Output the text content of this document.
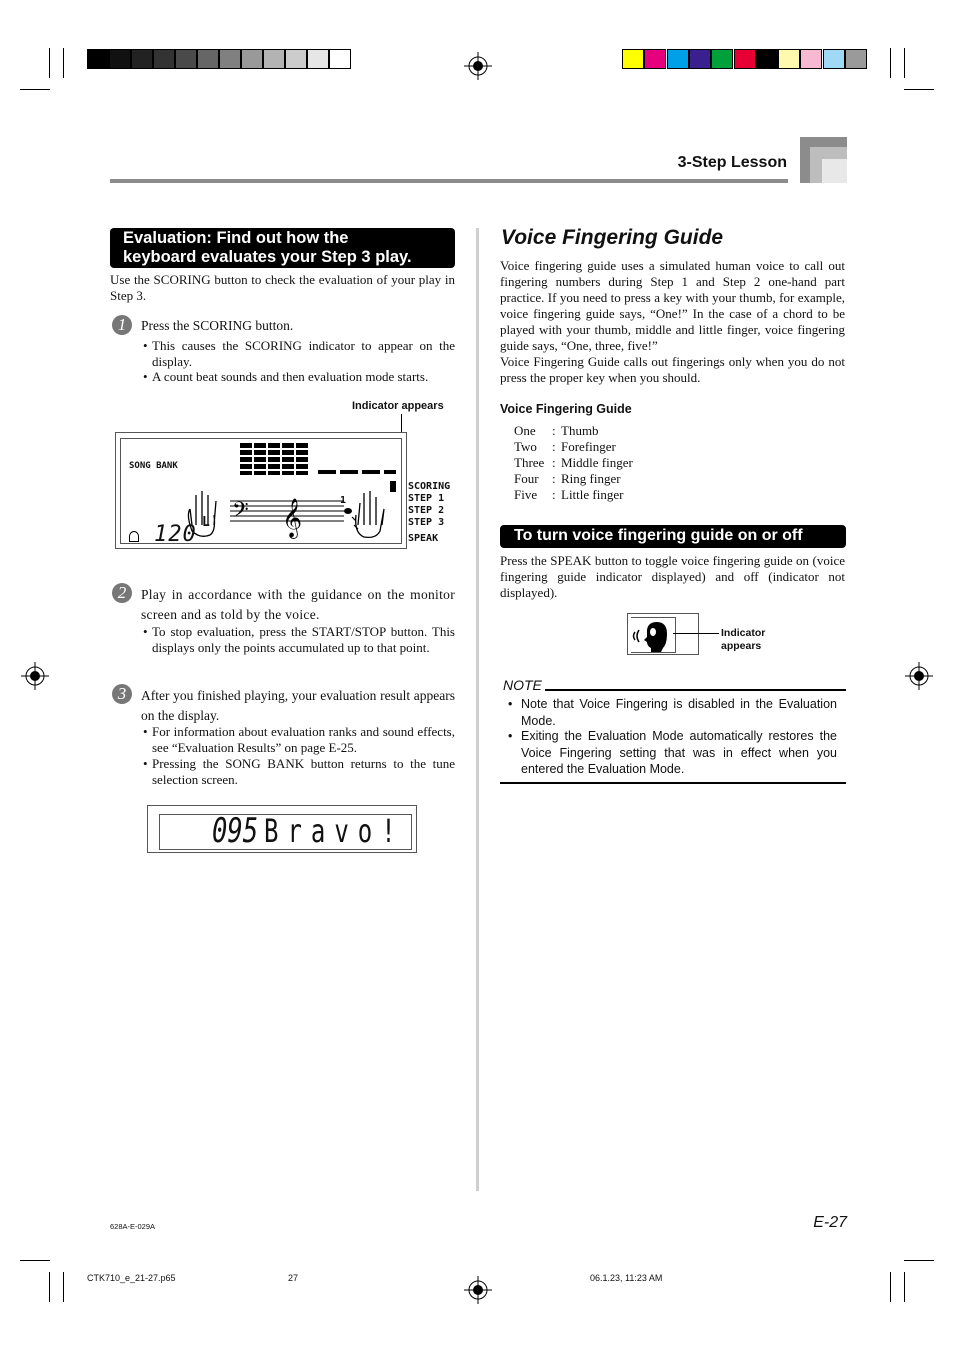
3-Step Lesson
Evaluation: Find out how the
keyboard evaluates your Step 3 play.
Use the SCORING button to check the evaluation of your play in Step 3.
1	Press the SCORING button.
• This causes the SCORING indicator to appear on the display.
• A count beat sounds and then evaluation mode starts.
Indicator appears
SONG BANK
𝄢 𝄞
L
1
120
SCORING
STEP 1
STEP 2
STEP 3
SPEAK
2	Play in accordance with the guidance on the monitor screen and as told by the voice.
• To stop evaluation, press the START/STOP button. This displays only the points accumulated up to that point.
3	After you finished playing, your evaluation result appears on the display.
• For information about evaluation ranks and sound effects, see “Evaluation Results” on page E-25.
• Pressing the SONG BANK button returns to the tune selection screen.
095 Bravo!
Voice Fingering Guide
Voice fingering guide uses a simulated human voice to call out fingering numbers during Step 1 and Step 2 one-hand part practice. If you need to press a key with your thumb, for example, voice fingering guide says, “One!” In the case of a chord to be played with your thumb, middle and little finger, voice fingering guide says, “One, three, five!”
Voice Fingering Guide calls out fingerings only when you do not press the proper key when you should.
Voice Fingering Guide
One : Thumb
Two : Forefinger
Three : Middle finger
Four : Ring finger
Five : Little finger
To turn voice fingering guide on or off
Press the SPEAK button to toggle voice fingering guide on (voice fingering guide indicator displayed) and off (indicator not displayed).
Indicator
appears
NOTE
• Note that Voice Fingering is disabled in the Evaluation Mode.
• Exiting the Evaluation Mode automatically restores the Voice Fingering setting that was in effect when you entered the Evaluation Mode.
628A-E-029A	E-27
CTK710_e_21-27.p65	27	06.1.23, 11:23 AM
